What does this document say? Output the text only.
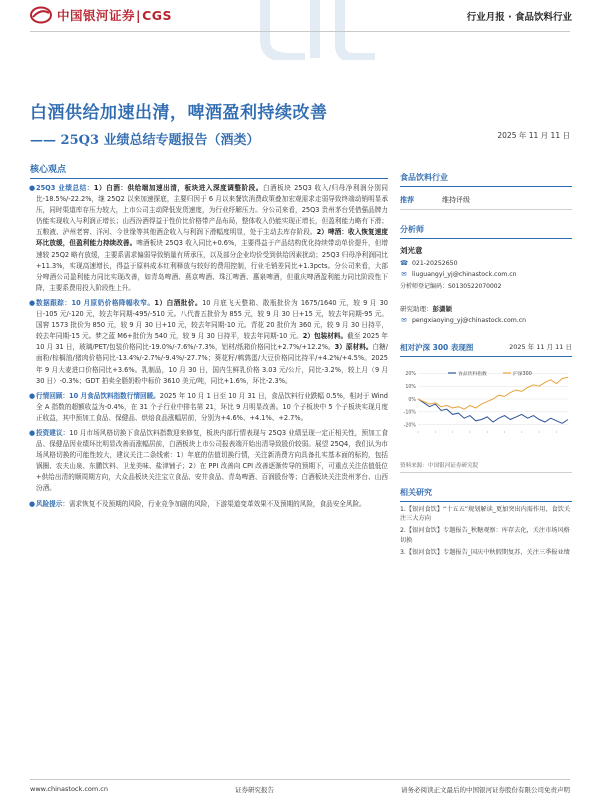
中国银河证券|CGS	行业月报 · 食品饮料行业
白酒供给加速出清，啤酒盈利持续改善
—— 25Q3 业绩总结专题报告（酒类）	2025 年 11 月 11 日
核心观点
● 25Q3 业绩总结：1）白酒：供给端加速出清，板块进入深度调整阶段。白酒板块 25Q3 收入/归母净利润分别同比-18.5%/-22.2%，继 25Q2 以来加速探底，主要归因于 6 月以来餐饮消费政策叠加宏观需求走弱导致终端动销明显承压，同时渠道库存压力较大，上市公司主动降低发货速度，为行业纾解压力。分公司来看，25Q3 贵州茅台凭借强品牌力仍能实现收入与利润正增长；山西汾酒得益于性价比价格带产品布局，整体收入仍能实现正增长，但盈利能力略有下滑；五粮液、泸州老窖、洋河、今世缘等其他酒企收入与利润下滑幅度明显，处于主动去库存阶段。2）啤酒：收入恢复速度环比放缓，但盈利能力持续改善。啤酒板块 25Q3 收入同比+0.6%，主要得益于产品结构优化持续带动单价提升，但增速较 25Q2 略有放缓，主要系需求偏弱导致销量有所承压，以及部分企业均价受到供给因素扰动；25Q3 归母净利润同比+11.3%，实现高速增长，得益于原料成本红利释放与较好的费用控制，行业毛销差同比+1.3pcts。分公司来看，大部分啤酒公司盈利能力同比实现改善，如青岛啤酒、燕京啤酒、珠江啤酒、惠泉啤酒，但重庆啤酒盈利能力同比阶段性下降，主要系费用投入阶段性上升。
● 数据跟踪：10 月原奶价格降幅收窄。1）白酒批价。10 月底飞天整箱、散瓶批价为 1675/1640 元，较 9 月 30 日-105 元/-120 元，较去年同期-495/-510 元。八代普五批价为 855 元，较 9 月 30 日+15 元，较去年同期-95 元。国窖 1573 批价为 850 元，较 9 月 30 日+10 元，较去年同期-10 元。青花 20 批价为 360 元，较 9 月 30 日持平，较去年同期-15 元。梦之蓝 M6+批价为 540 元，较 9 月 30 日持平，较去年同期-10 元。2）包装材料。截至 2025 年 10 月 31 日，玻璃/PET/包装价格同比-19.0%/-7.6%/-7.3%，铝材/纸箱价格同比+2.7%/+12.2%。3）原材料。白糖/面粉/棕榈油/猪肉价格同比-13.4%/-2.7%/-9.4%/-27.7%；葵花籽/鹌鹑蛋/大豆价格同比持平/+4.2%/+4.5%。2025 年 9 月大麦进口价格同比+3.6%。乳制品，10 月 30 日，国内生鲜乳价格 3.03 元/公斤，同比-3.2%，较上月（9 月 30 日）-0.3%；GDT 拍卖全脂奶粉中标价 3610 美元/吨，同比+1.6%，环比-2.3%。
● 行情回顾：10 月食品饮料指数行情回暖。2025 年 10 月 1 日至 10 月 31 日，食品饮料行业跌幅 0.5%，相对于 Wind 全 A 指数的超额收益为-0.4%，在 31 个子行业中排名第 21，环比 9 月明显改善。10 个子板块中 5 个子板块实现月度正收益，其中预加工食品、保健品、烘焙食品涨幅居前，分别为+4.6%、+4.1%、+2.7%。
● 投资建议：10 月市场风格切换下食品饮料指数迎来修复，板块内部行情表现与 25Q3 业绩呈现一定正相关性，预加工食品、保健品因业绩环比明显改善而涨幅居前，白酒板块上市公司报表端开始出清导致股价较弱。展望 25Q4，我们认为市场风格切换的可能性较大，建议关注二条线索：1）年底的估值切换行情，关注新消费方向具备扎实基本面的标的，包括锅圈、农夫山泉、东鹏饮料、卫龙美味、盐津铺子；2）在 PPI 改善向 CPI 改善逐渐传导的预期下，可重点关注估值低位+供给出清的顺周期方向，大众品板块关注宝立食品、安井食品、青岛啤酒、百润股份等；白酒板块关注贵州茅台、山西汾酒。
● 风险提示：需求恢复不及预期的风险，行业竞争加剧的风险，下游渠道变革效果不及预期的风险，食品安全风险。
食品饮料行业
推荐	维持评级
分析师
刘光意
☎ 021-20252650
✉ liuguangyi_yj@chinastock.com.cn
分析师登记编码：S0130522070002
研究助理：彭潇颖
✉ pengxiaoying_yj@chinastock.com.cn
相对沪深 300 表现图	2025 年 11 月 11 日
20%
10%
0%
-10%
-20%
食品饮料指数	沪深300
资料来源：中国银河证券研究院
相关研究
1.【银河食饮】“十五五”规划解读_更加突出内需作用，食饮关注三大方向
2.【银河食饮】专题报告_秋糖观察：库存去化，关注市场风格切换
3.【银河食饮】专题报告_国庆中秋假期复苏，关注三季报业绩
www.chinastock.com.cn	证券研究报告	请务必阅读正文最后的中国银河证券股份有限公司免责声明
